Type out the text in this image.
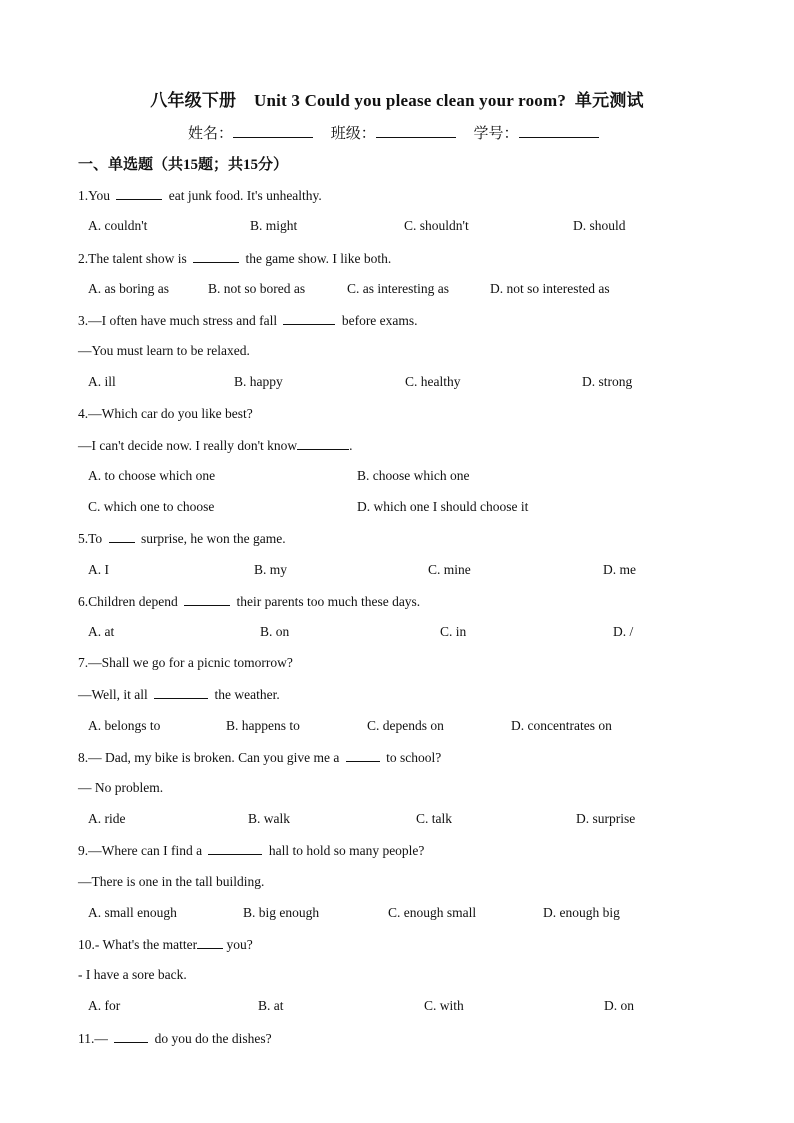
八年级下册    Unit 3 Could you please clean your room?  单元测试
姓名：	班级：	学号：
一、单选题（共15题；共15分）
1.You	eat junk food. It's unhealthy.
A. couldn't	B. might	C. shouldn't	D. should
2.The talent show is	the game show. I like both.
A. as boring as	B. not so bored as	C. as interesting as	D. not so interested as
3.—I often have much stress and fall	before exams.
—You must learn to be relaxed.
A. ill	B. happy	C. healthy	D. strong
4.—Which car do you like best?
—I can't decide now. I really don't know	.
A. to choose which one	B. choose which one
C. which one to choose	D. which one I should choose it
5.To  surprise, he won the game.
A. I	B. my	C. mine	D. me
6.Children depend	their parents too much these days.
A. at	B. on	C. in	D. /
7.—Shall we go for a picnic tomorrow?
—Well, it all	the weather.
A. belongs to	B. happens to	C. depends on	D. concentrates on
8.— Dad, my bike is broken. Can you give me a	to school?
— No problem.
A. ride	B. walk	C. talk	D. surprise
9.—Where can I find a	hall to hold so many people?
—There is one in the tall building.
A. small enough	B. big enough	C. enough small	D. enough big
10.- What's the matter you?
- I have a sore back.
A. for	B. at	C. with	D. on
11.—	do you do the dishes?
